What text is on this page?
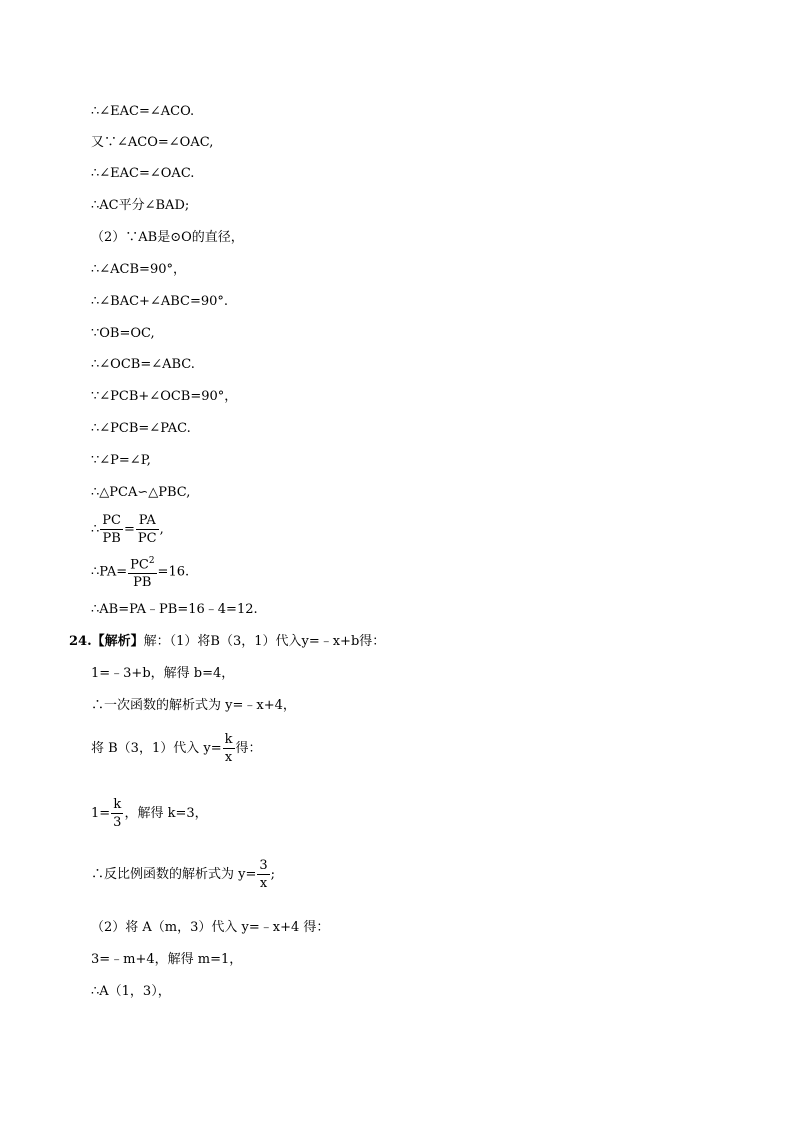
∴∠EAC=∠ACO.
又∵∠ACO=∠OAC,
∴∠EAC=∠OAC.
∴AC平分∠BAD;
（2）∵AB是⊙O的直径，
∴∠ACB=90°，
∴∠BAC+∠ABC=90°.
∵OB=OC,
∴∠OCB=∠ABC.
∵∠PCB+∠OCB=90°，
∴∠PCB=∠PAC.
∵∠P=∠P,
∴△PCA∽△PBC,
∴ $\frac{PC}{PB} = \frac{PA}{PC}$ ,
∴PA= $\frac{PC^2}{PB} =16$.
∴AB=PA﹣PB=16﹣4=12.
24.【解析】解：（1）将B（3，1）代入y=﹣x+b得：
1=﹣3+b，解得 b=4，
∴一次函数的解析式为 y=﹣x+4，
将 B（3，1）代入 $y= \frac{k}{x}$ 得：
$1= \frac{k}{3}$ ，解得 k=3，
∴反比例函数的解析式为 $y= \frac{3}{x}$ ;
（2）将 A（m，3）代入 y=﹣x+4 得：
3=﹣m+4，解得 m=1，
∴A（1，3），
